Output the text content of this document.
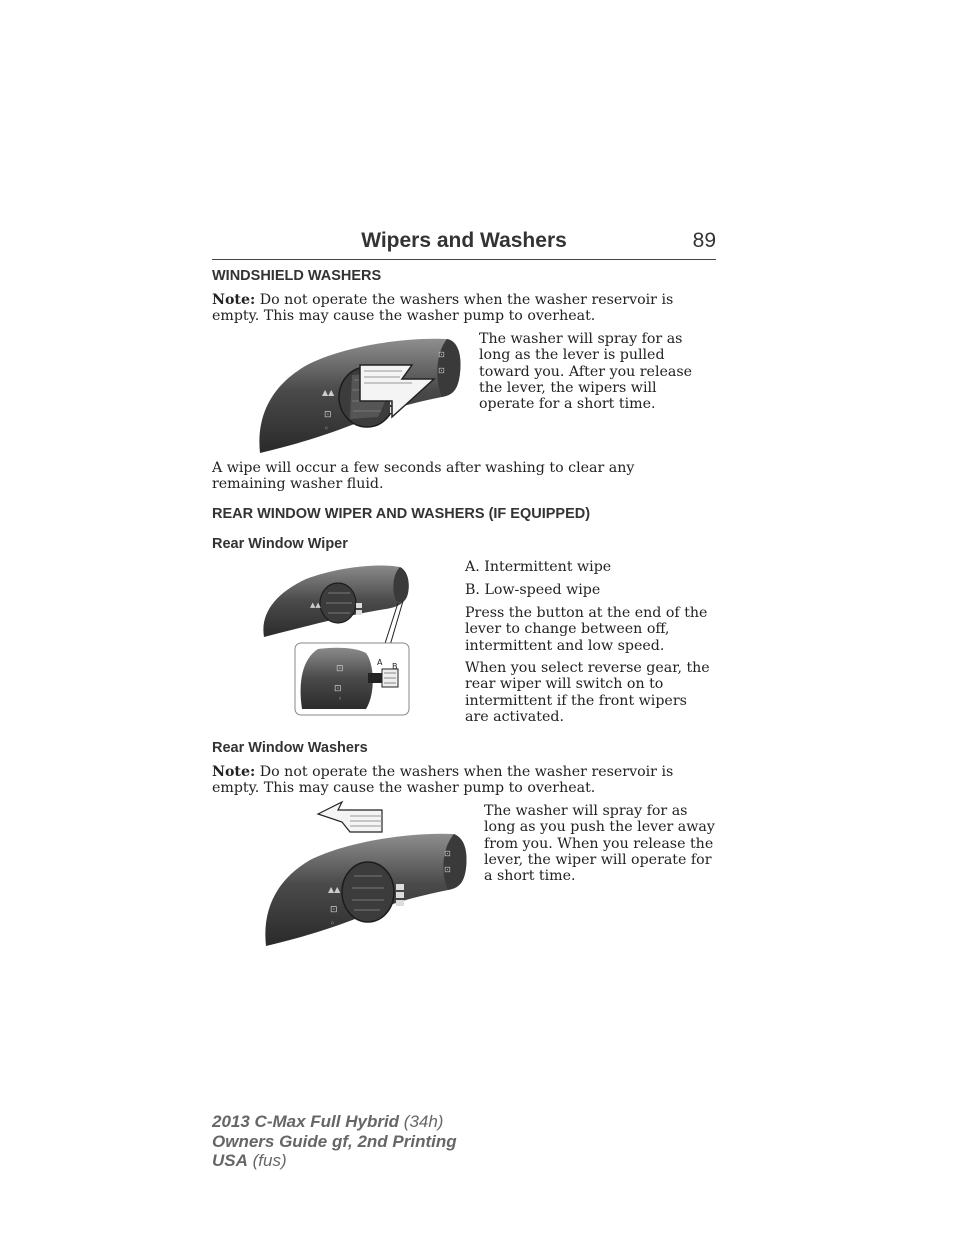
Wipers and Washers	89
WINDSHIELD WASHERS
Note: Do not operate the washers when the washer reservoir is empty. This may cause the washer pump to overheat.
▲▲
⊡
◦
⊡
⊡
The washer will spray for as long as the lever is pulled toward you. After you release the lever, the wipers will operate for a short time.
A wipe will occur a few seconds after washing to clear any remaining washer fluid.
REAR WINDOW WIPER AND WASHERS (IF EQUIPPED)
Rear Window Wiper
▲▲
⊡
⊡
◦
A B
A. Intermittent wipe
B. Low-speed wipe
Press the button at the end of the lever to change between off, intermittent and low speed.
When you select reverse gear, the rear wiper will switch on to intermittent if the front wipers are activated.
Rear Window Washers
Note: Do not operate the washers when the washer reservoir is empty. This may cause the washer pump to overheat.
▲▲
⊡
◦
⊡
⊡
The washer will spray for as long as you push the lever away from you. When you release the lever, the wiper will operate for a short time.
2013 C-Max Full Hybrid (34h)
Owners Guide gf, 2nd Printing
USA (fus)
